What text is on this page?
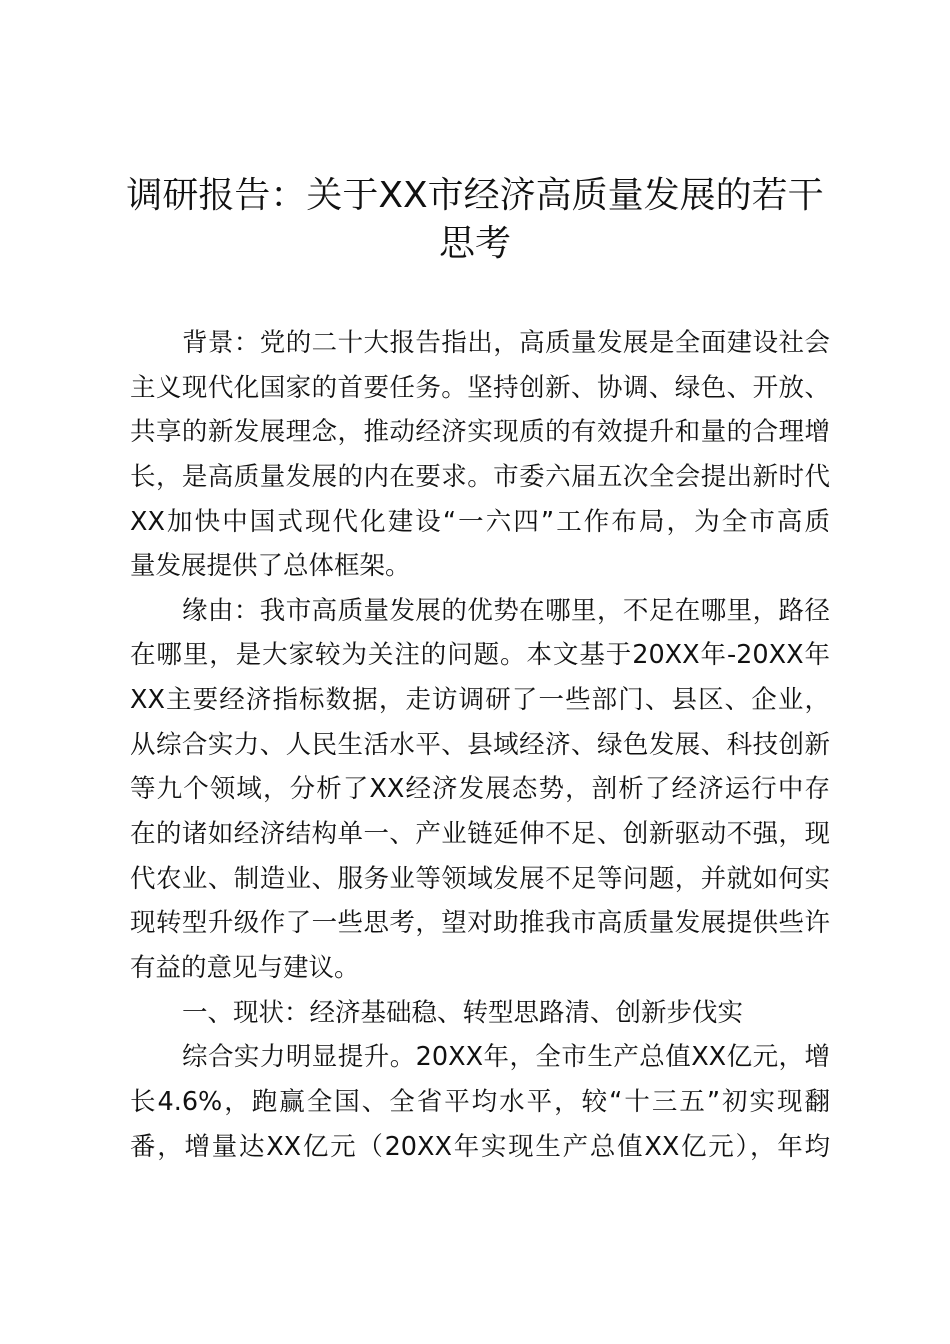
调研报告：关于XX市经济高质量发展的若干
思考
背景：党的二十大报告指出，高质量发展是全面建设社会
主义现代化国家的首要任务。坚持创新、协调、绿色、开放、
共享的新发展理念，推动经济实现质的有效提升和量的合理增
长，是高质量发展的内在要求。市委六届五次全会提出新时代
XX加快中国式现代化建设“一六四”工作布局，为全市高质
量发展提供了总体框架。
缘由：我市高质量发展的优势在哪里，不足在哪里，路径
在哪里，是大家较为关注的问题。本文基于20XX年-20XX年
XX主要经济指标数据，走访调研了一些部门、县区、企业，
从综合实力、人民生活水平、县域经济、绿色发展、科技创新
等九个领域，分析了XX经济发展态势，剖析了经济运行中存
在的诸如经济结构单一、产业链延伸不足、创新驱动不强，现
代农业、制造业、服务业等领域发展不足等问题，并就如何实
现转型升级作了一些思考，望对助推我市高质量发展提供些许
有益的意见与建议。
一、现状：经济基础稳、转型思路清、创新步伐实
综合实力明显提升。20XX年，全市生产总值XX亿元，增
长4.6%，跑赢全国、全省平均水平，较“十三五”初实现翻
番，增量达XX亿元（20XX年实现生产总值XX亿元），年均
